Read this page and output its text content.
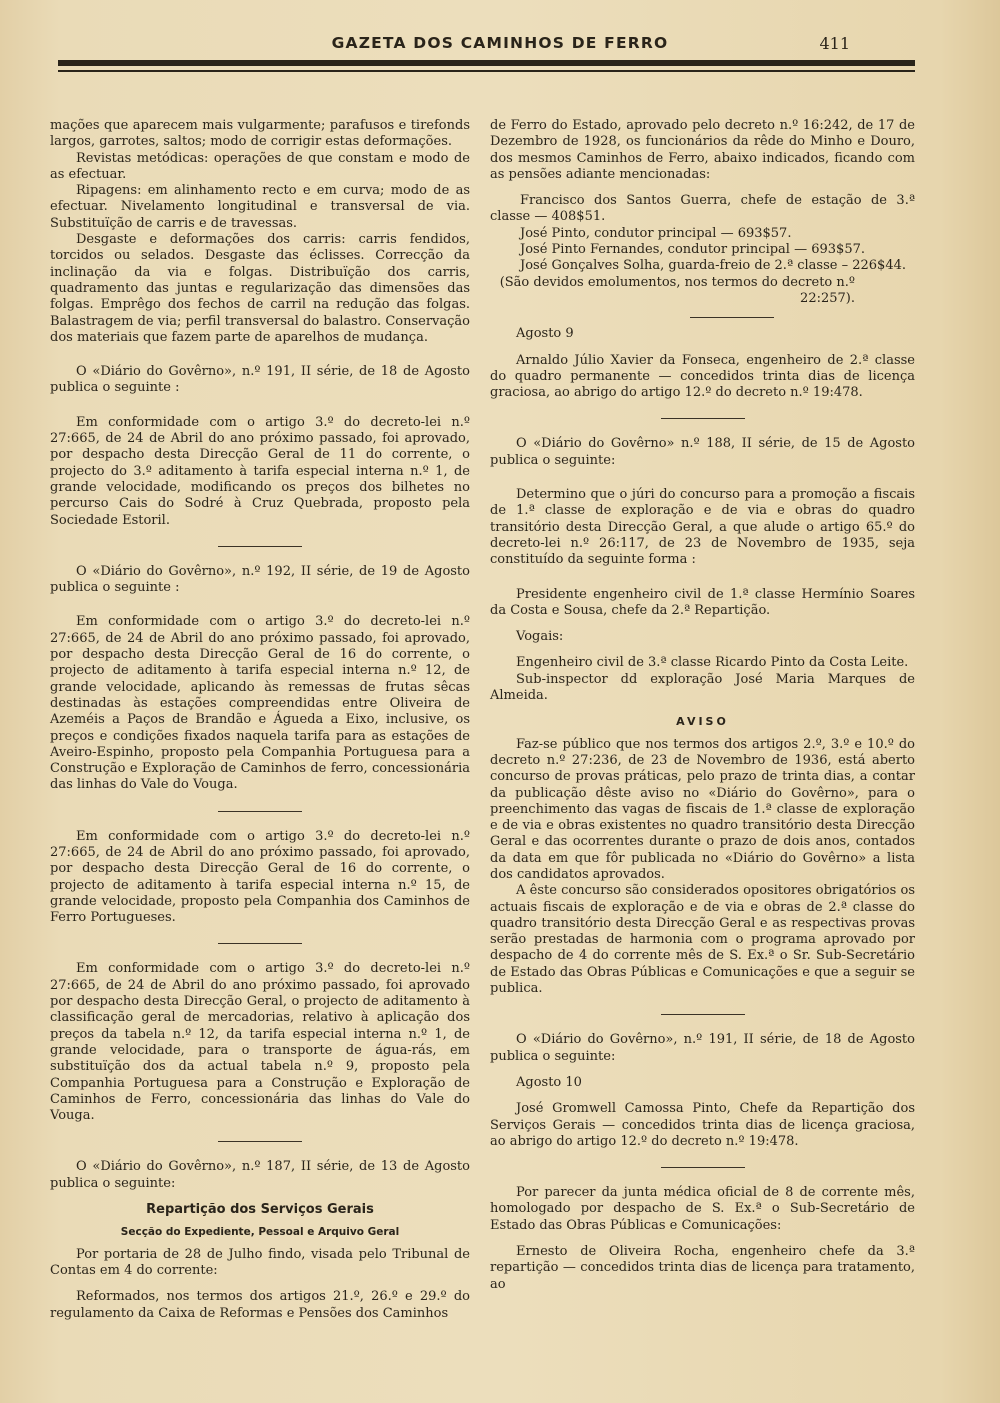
GAZETA DOS CAMINHOS DE FERRO	411

mações que aparecem mais vulgarmente; parafusos e tirefonds largos, garrotes, saltos; modo de corrigir estas deformações.

Revistas metódicas: operações de que constam e modo de as efectuar.

Ripagens: em alinhamento recto e em curva; modo de as efectuar. Nivelamento longitudinal e transversal de via. Substituïção de carris e de travessas.

Desgaste e deformações dos carris: carris fendidos, torcidos ou selados. Desgaste das éclisses. Correcção da inclinação da via e folgas. Distribuïção dos carris, quadramento das juntas e regularização das dimensões das folgas. Emprêgo dos fechos de carril na redução das folgas. Balastragem de via; perfil transversal do balastro. Conservação dos materiais que fazem parte de aparelhos de mudança.

O «Diário do Govêrno», n.º 191, II série, de 18 de Agosto publica o seguinte :

Em conformidade com o artigo 3.º do decreto-lei n.º 27:665, de 24 de Abril do ano próximo passado, foi aprovado, por despacho desta Direcção Geral de 11 do corrente, o projecto do 3.º aditamento à tarifa especial interna n.º 1, de grande velocidade, modificando os preços dos bilhetes no percurso Cais do Sodré à Cruz Quebrada, proposto pela Sociedade Estoril.

O «Diário do Govêrno», n.º 192, II série, de 19 de Agosto publica o seguinte :

Em conformidade com o artigo 3.º do decreto-lei n.º 27:665, de 24 de Abril do ano próximo passado, foi aprovado, por despacho desta Direcção Geral de 16 do corrente, o projecto de aditamento à tarifa especial interna n.º 12, de grande velocidade, aplicando às remessas de frutas sêcas destinadas às estações compreendidas entre Oliveira de Azeméis a Paços de Brandão e Águeda a Eixo, inclusive, os preços e condições fixados naquela tarifa para as estações de Aveiro-Espinho, proposto pela Companhia Portuguesa para a Construção e Exploração de Caminhos de ferro, concessionária das linhas do Vale do Vouga.

Em conformidade com o artigo 3.º do decreto-lei n.º 27:665, de 24 de Abril do ano próximo passado, foi aprovado, por despacho desta Direcção Geral de 16 do corrente, o projecto de aditamento à tarifa especial interna n.º 15, de grande velocidade, proposto pela Companhia dos Caminhos de Ferro Portugueses.

Em conformidade com o artigo 3.º do decreto-lei n.º 27:665, de 24 de Abril do ano próximo passado, foi aprovado por despacho desta Direcção Geral, o projecto de aditamento à classificação geral de mercadorias, relativo à aplicação dos preços da tabela n.º 12, da tarifa especial interna n.º 1, de grande velocidade, para o transporte de água-rás, em substituïção dos da actual tabela n.º 9, proposto pela Companhia Portuguesa para a Construção e Exploração de Caminhos de Ferro, concessionária das linhas do Vale do Vouga.

O «Diário do Govêrno», n.º 187, II série, de 13 de Agosto publica o seguinte:

Repartição dos Serviços Gerais
Secção do Expediente, Pessoal e Arquivo Geral

Por portaria de 28 de Julho findo, visada pelo Tribunal de Contas em 4 do corrente:

Reformados, nos termos dos artigos 21.º, 26.º e 29.º do regulamento da Caixa de Reformas e Pensões dos Caminhos

de Ferro do Estado, aprovado pelo decreto n.º 16:242, de 17 de Dezembro de 1928, os funcionários da rêde do Minho e Douro, dos mesmos Caminhos de Ferro, abaixo indicados, ficando com as pensões adiante mencionadas:

Francisco dos Santos Guerra, chefe de estação de 3.ª classe — 408$51.

José Pinto, condutor principal — 693$57.

José Pinto Fernandes, condutor principal — 693$57.

José Gonçalves Solha, guarda-freio de 2.ª classe – 226$44.

(São devidos emolumentos, nos termos do decreto n.º 22:257).

Agosto 9

Arnaldo Júlio Xavier da Fonseca, engenheiro de 2.ª classe do quadro permanente — concedidos trinta dias de licença graciosa, ao abrigo do artigo 12.º do decreto n.º 19:478.

O «Diário do Govêrno» n.º 188, II série, de 15 de Agosto publica o seguinte:

Determino que o júri do concurso para a promoção a fiscais de 1.ª classe de exploração e de via e obras do quadro transitório desta Direcção Geral, a que alude o artigo 65.º do decreto-lei n.º 26:117, de 23 de Novembro de 1935, seja constituído da seguinte forma :

Presidente engenheiro civil de 1.ª classe Hermínio Soares da Costa e Sousa, chefe da 2.ª Repartição.

Vogais:

Engenheiro civil de 3.ª classe Ricardo Pinto da Costa Leite.

Sub-inspector dd exploração José Maria Marques de Almeida.

AVISO

Faz-se público que nos termos dos artigos 2.º, 3.º e 10.º do decreto n.º 27:236, de 23 de Novembro de 1936, está aberto concurso de provas práticas, pelo prazo de trinta dias, a contar da publicação dêste aviso no «Diário do Govêrno», para o preenchimento das vagas de fiscais de 1.ª classe de exploração e de via e obras existentes no quadro transitório desta Direcção Geral e das ocorrentes durante o prazo de dois anos, contados da data em que fôr publicada no «Diário do Govêrno» a lista dos candidatos aprovados.

A êste concurso são considerados opositores obrigatórios os actuais fiscais de exploração e de via e obras de 2.ª classe do quadro transitório desta Direcção Geral e as respectivas provas serão prestadas de harmonia com o programa aprovado por despacho de 4 do corrente mês de S. Ex.ª o Sr. Sub-Secretário de Estado das Obras Públicas e Comunicações e que a seguir se publica.

O «Diário do Govêrno», n.º 191, II série, de 18 de Agosto publica o seguinte:

Agosto 10

José Gromwell Camossa Pinto, Chefe da Repartição dos Serviços Gerais — concedidos trinta dias de licença graciosa, ao abrigo do artigo 12.º do decreto n.º 19:478.

Por parecer da junta médica oficial de 8 de corrente mês, homologado por despacho de S. Ex.ª o Sub-Secretário de Estado das Obras Públicas e Comunicações:

Ernesto de Oliveira Rocha, engenheiro chefe da 3.ª repartição — concedidos trinta dias de licença para tratamento, ao
